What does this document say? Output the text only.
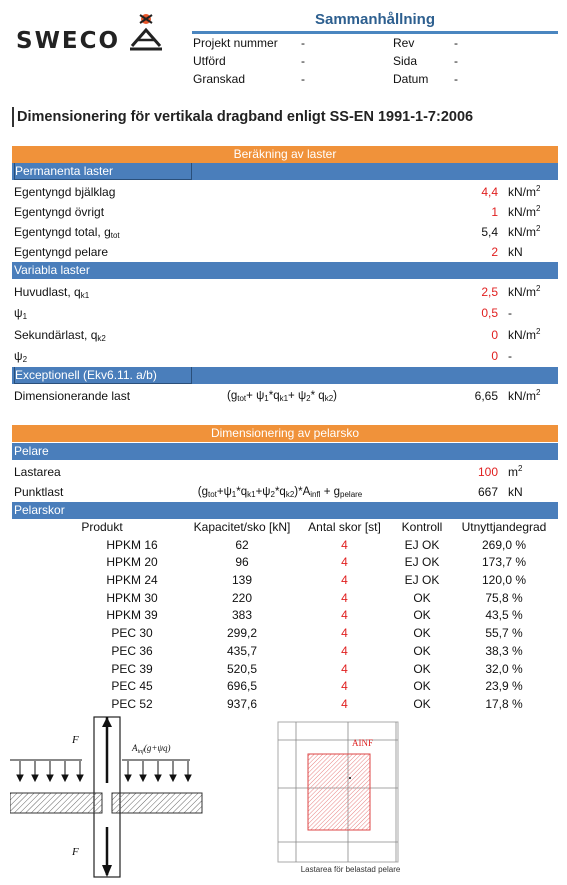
SWECO
Sammanhållning
Projekt nummer -	Rev	-
Utförd	-	Sida	-
Granskad	-	Datum -
Dimensionering för vertikala dragband enligt SS-EN 1991-1-7:2006
Beräkning av laster
Permanenta laster
Egentyngd bjälklag	4,4 $kN/m^2$
Egentyngd övrigt	1 $kN/m^2$
Egentyngd total, $g_{tot}$	5,4 $kN/m^2$
Egentyngd pelare	2 kN
Variabla laster
Huvudlast, $q_{k1}$	2,5 $kN/m^2$
$\psi_1$	0,5 -
Sekundärlast, $q_{k2}$	0 $kN/m^2$
$\psi_2$	0 -
Exceptionell (Ekv6.11. a/b)
Dimensionerande last	($g_{tot}+ \psi_1*q_{k1}+ \psi_2*$ $q_{k2}$)	6,65 $kN/m^2$
Dimensionering av pelarsko
Pelare
Lastarea	100 $m^2$
Punktlast	$(g_{tot}+\psi_1*q_{k1}+\psi_2*q_{k2})*A_{infl} + g_{pelare}$	667 kN
Pelarskor
Produkt	Kapacitet/sko [kN]	Antal skor [st]	Kontroll	Utnyttjandegrad
HPKM 16	62	4	EJ OK	269,0 %
HPKM 20	96	4	EJ OK	173,7 %
HPKM 24	139	4	EJ OK	120,0 %
HPKM 30	220	4	OK	75,8 %
HPKM 39	383	4	OK	43,5 %
PEC 30	299,2	4	OK	55,7 %
PEC 36	435,7	4	OK	38,3 %
PEC 39	520,5	4	OK	32,0 %
PEC 45	696,5	4	OK	23,9 %
PEC 52	937,6	4	OK	17,8 %
F
F
$A_{inf}(g+\psi q)$	AINF
Lastarea för belastad pelare
